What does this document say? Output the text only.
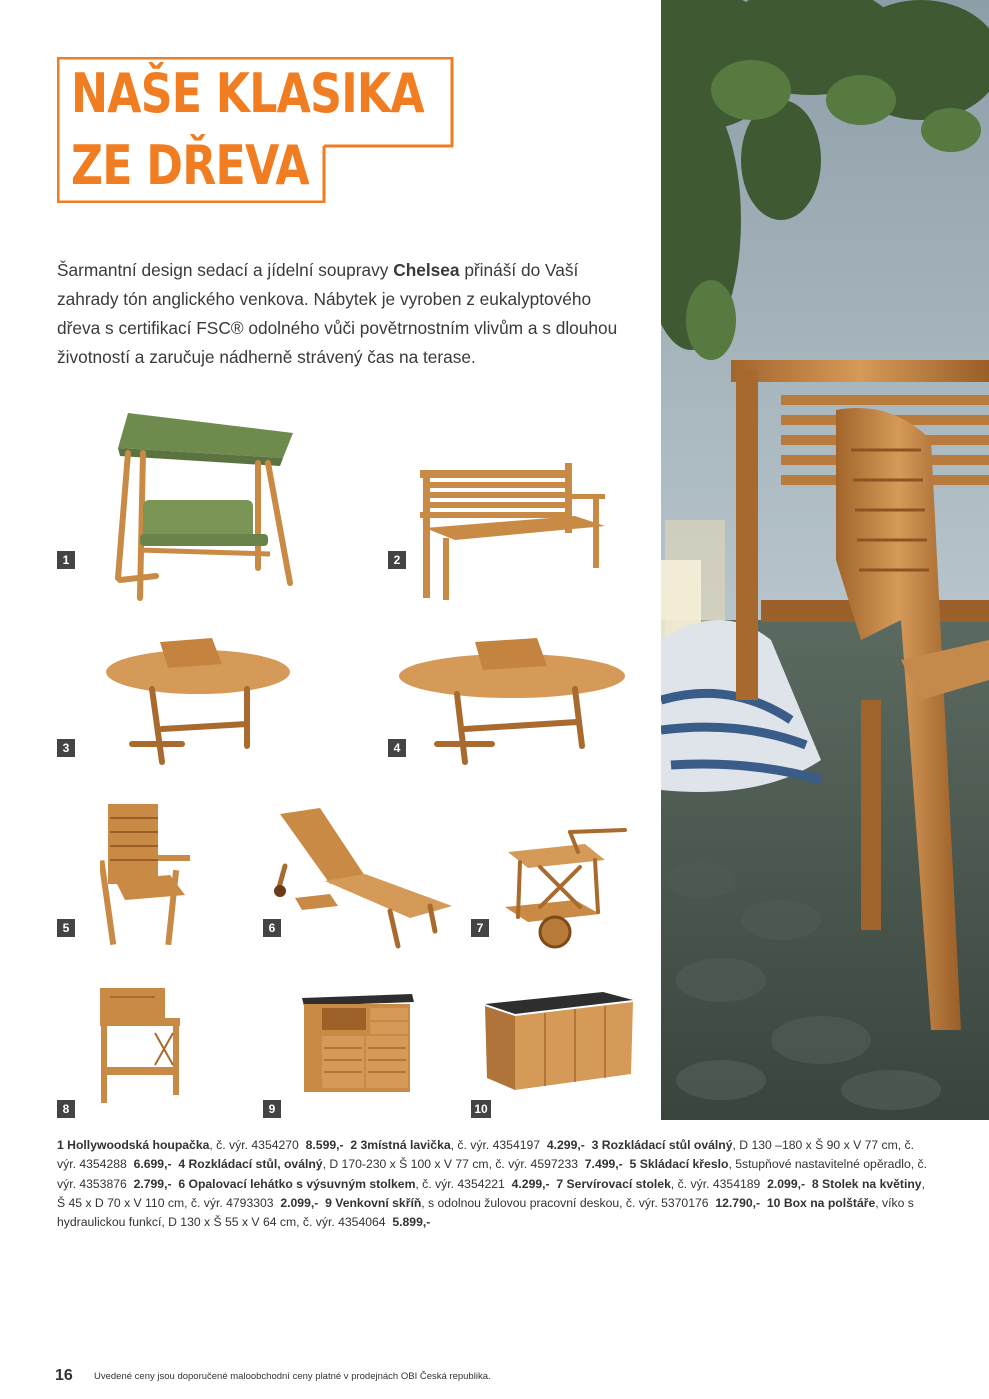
NAŠE KLASIKA
ZE DŘEVA
Šarmantní design sedací a jídelní soupravy Chelsea přináší do Vaší zahrady tón anglického venkova. Nábytek je vyroben z eukalyptového dřeva s certifikací FSC® odolného vůči povětrnostním vlivům a s dlouhou životností a zaručuje nádherně strávený čas na terase.
1	2
3	4
5	6	7
8	9	10
1 Hollywoodská houpačka, č. výr. 4354270 8.599,- 2 3místná lavička, č. výr. 4354197 4.299,- 3 Rozkládací stůl oválný, D 130 –180 x Š 90 x V 77 cm, č. výr. 4354288 6.699,- 4 Rozkládací stůl, oválný, D 170-230 x Š 100 x V 77 cm, č. výr. 4597233 7.499,- 5 Skládací křeslo, 5stupňové nastavitelné opěradlo, č. výr. 4353876 2.799,- 6 Opalovací lehátko s výsuvným stolkem, č. výr. 4354221 4.299,- 7 Servírovací stolek, č. výr. 4354189 2.099,- 8 Stolek na květiny, Š 45 x D 70 x V 110 cm, č. výr. 4793303 2.099,- 9 Venkovní skříň, s odolnou žulovou pracovní deskou, č. výr. 5370176 12.790,- 10 Box na polštáře, víko s hydraulickou funkcí, D 130 x Š 55 x V 64 cm, č. výr. 4354064 5.899,-
16 Uvedené ceny jsou doporučené maloobchodní ceny platné v prodejnách OBI Česká republika.
